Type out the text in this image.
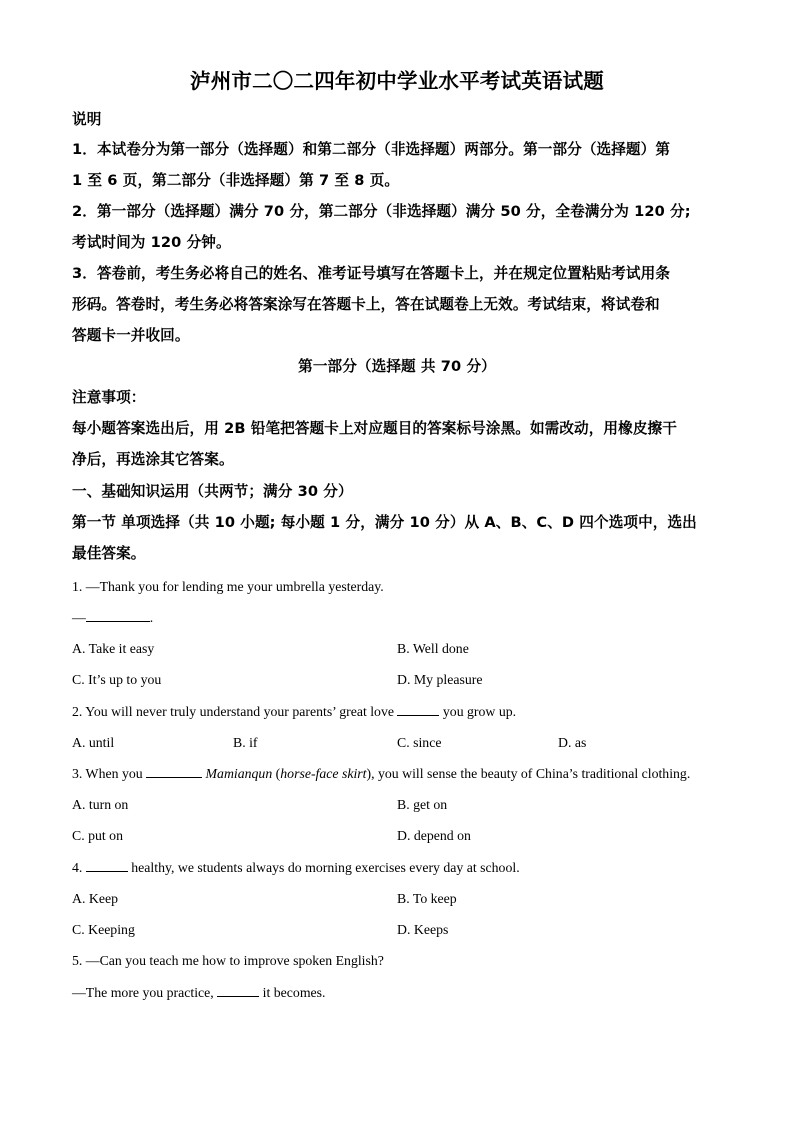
泸州市二〇二四年初中学业水平考试英语试题
说明
1．本试卷分为第一部分（选择题）和第二部分（非选择题）两部分。第一部分（选择题）第
1 至 6 页，第二部分（非选择题）第 7 至 8 页。
2．第一部分（选择题）满分 70 分，第二部分（非选择题）满分 50 分，全卷满分为 120 分;
考试时间为 120 分钟。
3．答卷前，考生务必将自己的姓名、准考证号填写在答题卡上，并在规定位置粘贴考试用条
形码。答卷时，考生务必将答案涂写在答题卡上，答在试题卷上无效。考试结束，将试卷和
答题卡一并收回。
第一部分（选择题 共 70 分）
注意事项：
每小题答案选出后，用 2B 铅笔把答题卡上对应题目的答案标号涂黑。如需改动，用橡皮擦干
净后，再选涂其它答案。
一、基础知识运用（共两节；满分 30 分）
第一节 单项选择（共 10 小题; 每小题 1 分，满分 10 分）从 A、B、C、D 四个选项中，选出
最佳答案。
1. —Thank you for lending me your umbrella yesterday.
—	.
A. Take it easy	B. Well done
C. It’s up to you	D. My pleasure
2. You will never truly understand your parents’ great love	you grow up.
A. until	B. if	C. since	D. as
3. When you	Mamianqun (horse-face skirt), you will sense the beauty of China’s traditional clothing.
A. turn on	B. get on
C. put on	D. depend on
4.	healthy, we students always do morning exercises every day at school.
A. Keep	B. To keep
C. Keeping	D. Keeps
5. —Can you teach me how to improve spoken English?
—The more you practice,	it becomes.
